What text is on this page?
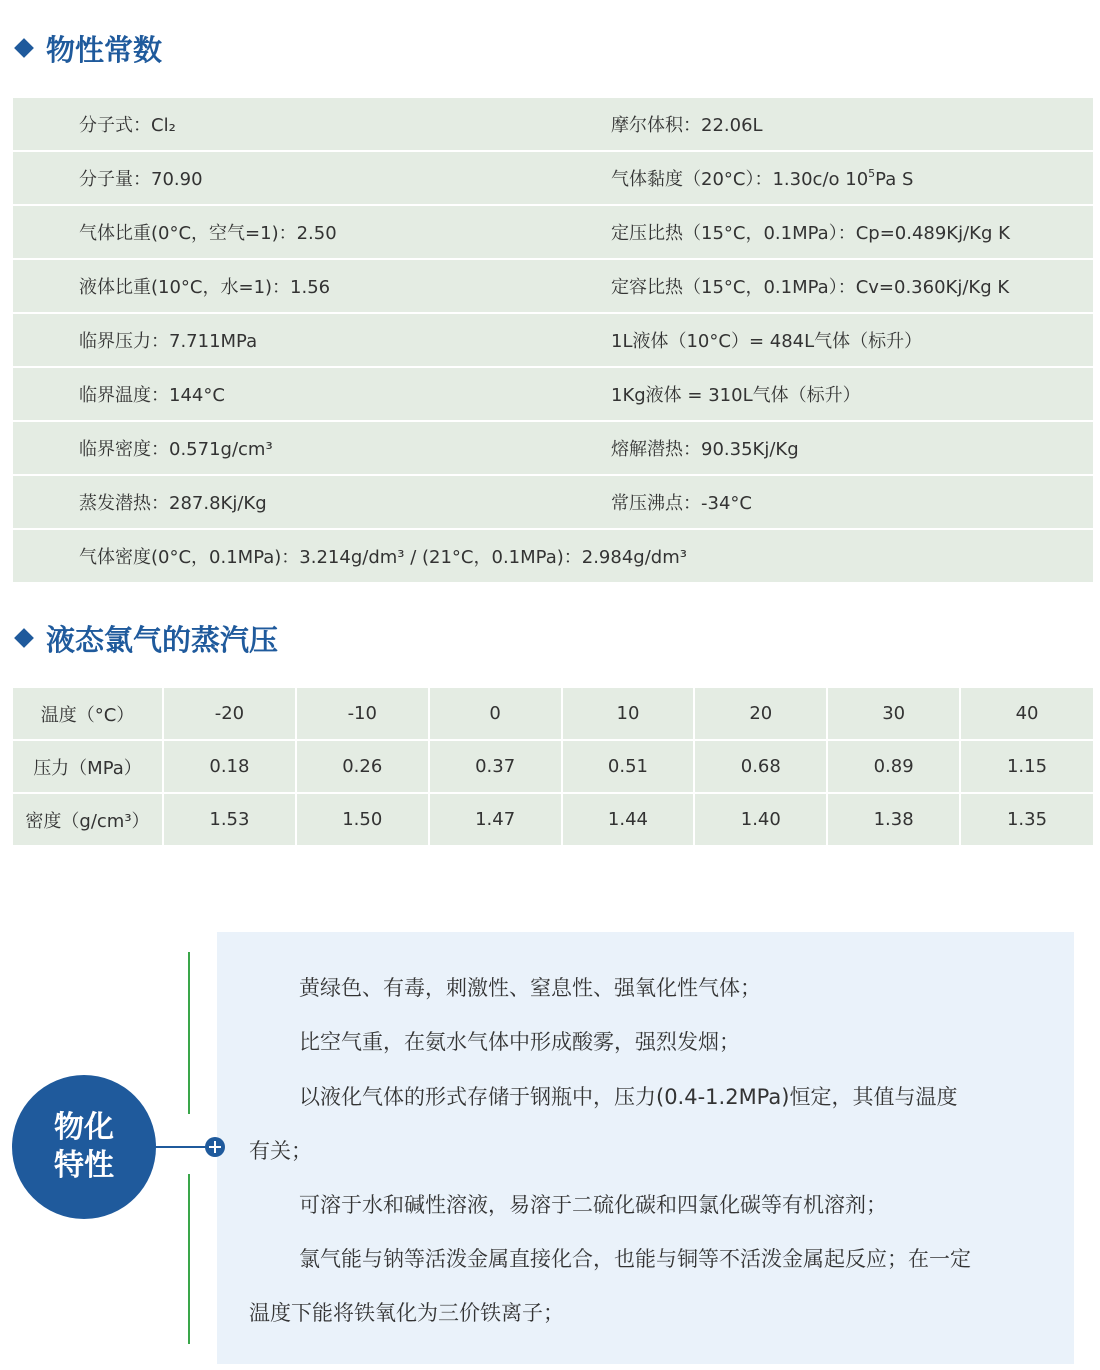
物性常数
分子式：Cl₂	摩尔体积：22.06L
分子量：70.90	气体黏度（20°C）：1.30c/o $10^5Pa$ S
气体比重(0°C，空气=1)：2.50	定压比热（15°C，0.1MPa）：Cp=0.489Kj/Kg K
液体比重(10°C，水=1)：1.56	定容比热（15°C，0.1MPa）：Cv=0.360Kj/Kg K
临界压力：7.711MPa	1L液体（10°C）= 484L气体（标升）
临界温度：144°C	1Kg液体 = 310L气体（标升）
临界密度：0.571g/cm³	熔解潜热：90.35Kj/Kg
蒸发潜热：287.8Kj/Kg	常压沸点：-34°C
气体密度(0°C，0.1MPa)：3.214g/dm³ / (21°C，0.1MPa)：2.984g/dm³
液态氯气的蒸汽压
温度（°C）	-20	-10	0	10	20	30	40
压力（MPa）	0.18	0.26	0.37	0.51	0.68	0.89	1.15
密度（g/cm³）	1.53	1.50	1.47	1.44	1.40	1.38	1.35
黄绿色、有毒，刺激性、窒息性、强氧化性气体；
比空气重，在氨水气体中形成酸雾，强烈发烟；
以液化气体的形式存储于钢瓶中，压力(0.4-1.2MPa)恒定，其值与温度
有关；
可溶于水和碱性溶液，易溶于二硫化碳和四氯化碳等有机溶剂；
氯气能与钠等活泼金属直接化合，也能与铜等不活泼金属起反应；在一定
温度下能将铁氧化为三价铁离子；
物化
特性
